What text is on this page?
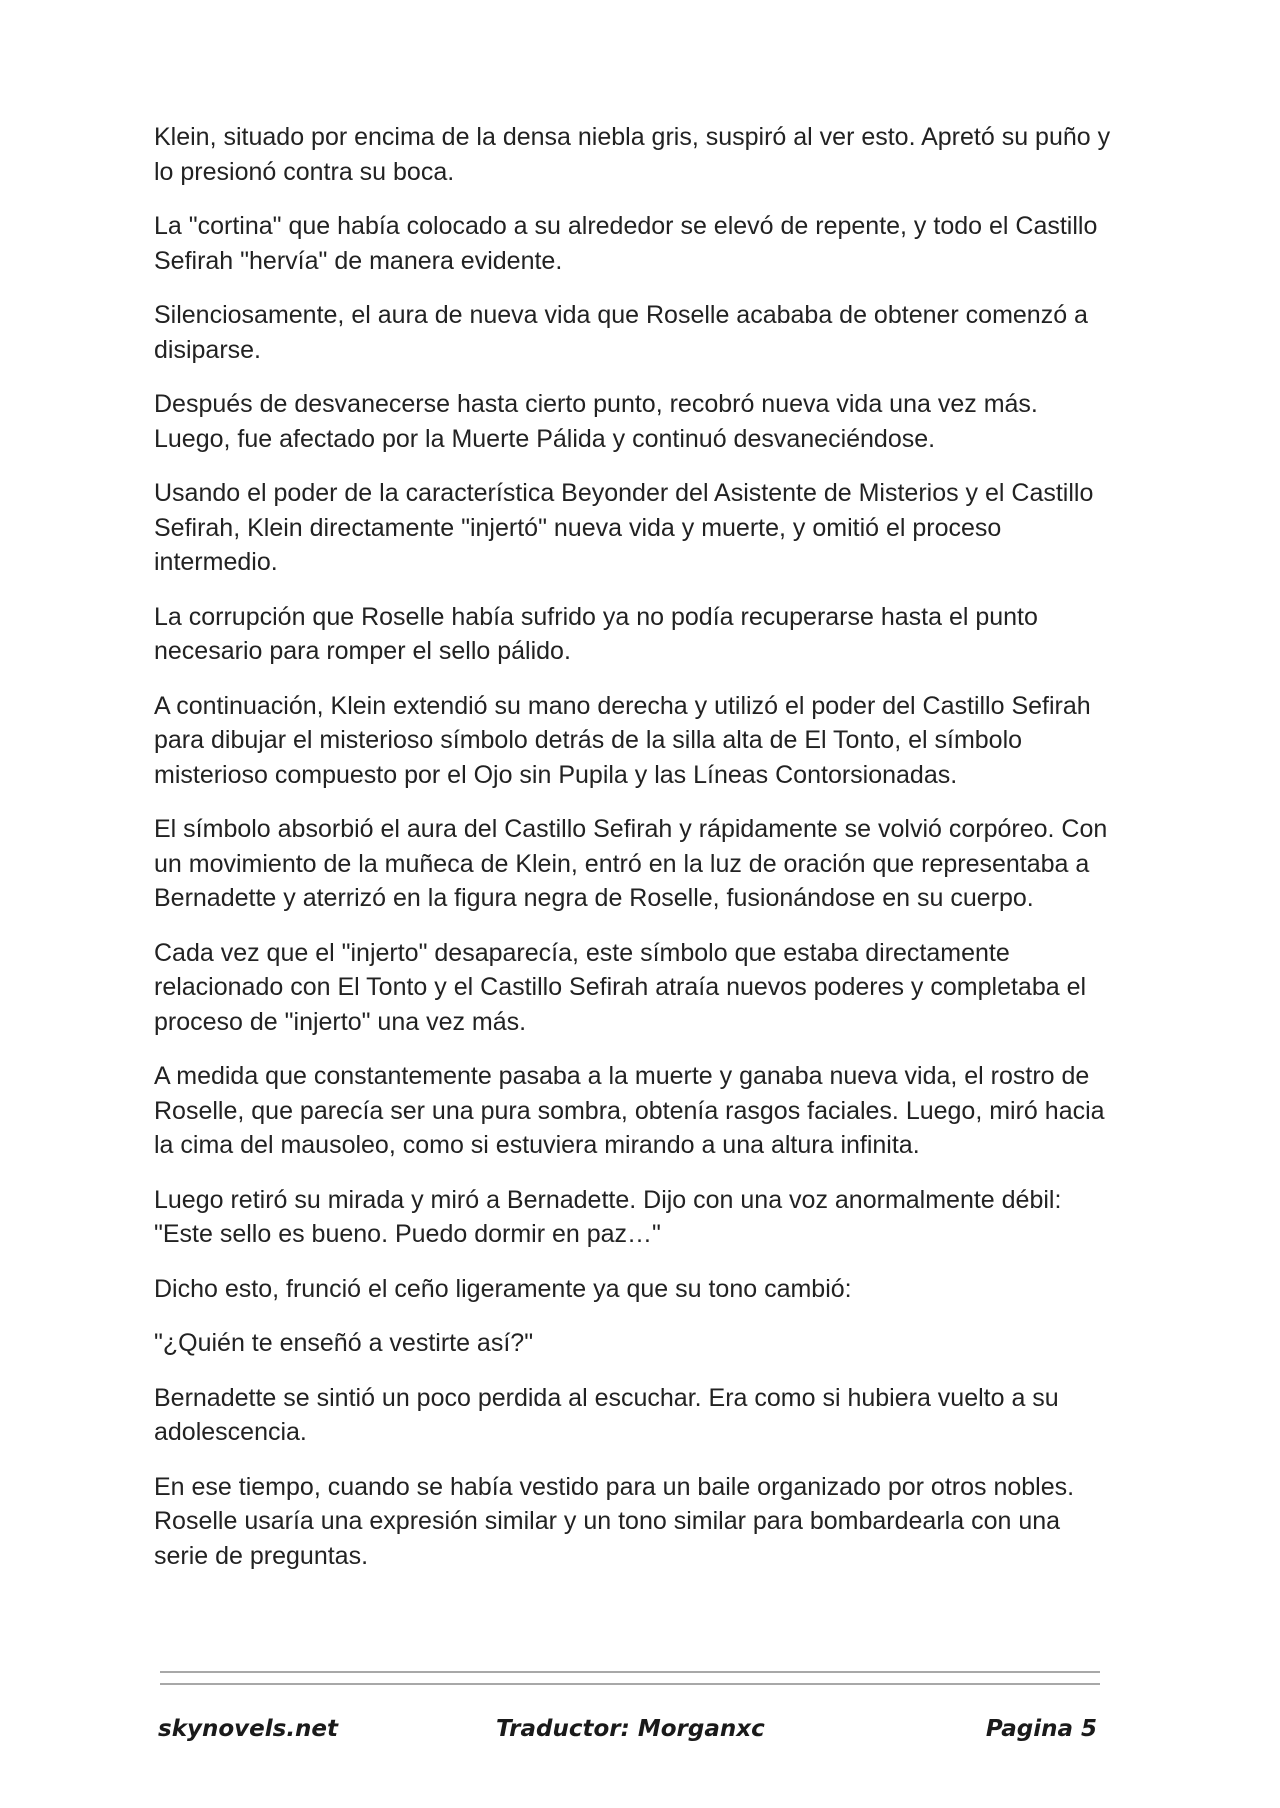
Klein, situado por encima de la densa niebla gris, suspiró al ver esto. Apretó su puño y lo presionó contra su boca.

La "cortina" que había colocado a su alrededor se elevó de repente, y todo el Castillo Sefirah "hervía" de manera evidente.

Silenciosamente, el aura de nueva vida que Roselle acababa de obtener comenzó a disiparse.

Después de desvanecerse hasta cierto punto, recobró nueva vida una vez más. Luego, fue afectado por la Muerte Pálida y continuó desvaneciéndose.

Usando el poder de la característica Beyonder del Asistente de Misterios y el Castillo Sefirah, Klein directamente "injertó" nueva vida y muerte, y omitió el proceso intermedio.

La corrupción que Roselle había sufrido ya no podía recuperarse hasta el punto necesario para romper el sello pálido.

A continuación, Klein extendió su mano derecha y utilizó el poder del Castillo Sefirah para dibujar el misterioso símbolo detrás de la silla alta de El Tonto, el símbolo misterioso compuesto por el Ojo sin Pupila y las Líneas Contorsionadas.

El símbolo absorbió el aura del Castillo Sefirah y rápidamente se volvió corpóreo. Con un movimiento de la muñeca de Klein, entró en la luz de oración que representaba a Bernadette y aterrizó en la figura negra de Roselle, fusionándose en su cuerpo.

Cada vez que el "injerto" desaparecía, este símbolo que estaba directamente relacionado con El Tonto y el Castillo Sefirah atraía nuevos poderes y completaba el proceso de "injerto" una vez más.

A medida que constantemente pasaba a la muerte y ganaba nueva vida, el rostro de Roselle, que parecía ser una pura sombra, obtenía rasgos faciales. Luego, miró hacia la cima del mausoleo, como si estuviera mirando a una altura infinita.

Luego retiró su mirada y miró a Bernadette. Dijo con una voz anormalmente débil: "Este sello es bueno. Puedo dormir en paz…"

Dicho esto, frunció el ceño ligeramente ya que su tono cambió:

"¿Quién te enseñó a vestirte así?"

Bernadette se sintió un poco perdida al escuchar. Era como si hubiera vuelto a su adolescencia.

En ese tiempo, cuando se había vestido para un baile organizado por otros nobles. Roselle usaría una expresión similar y un tono similar para bombardearla con una serie de preguntas.

skynovels.net	Traductor: Morganxc	Pagina 5
